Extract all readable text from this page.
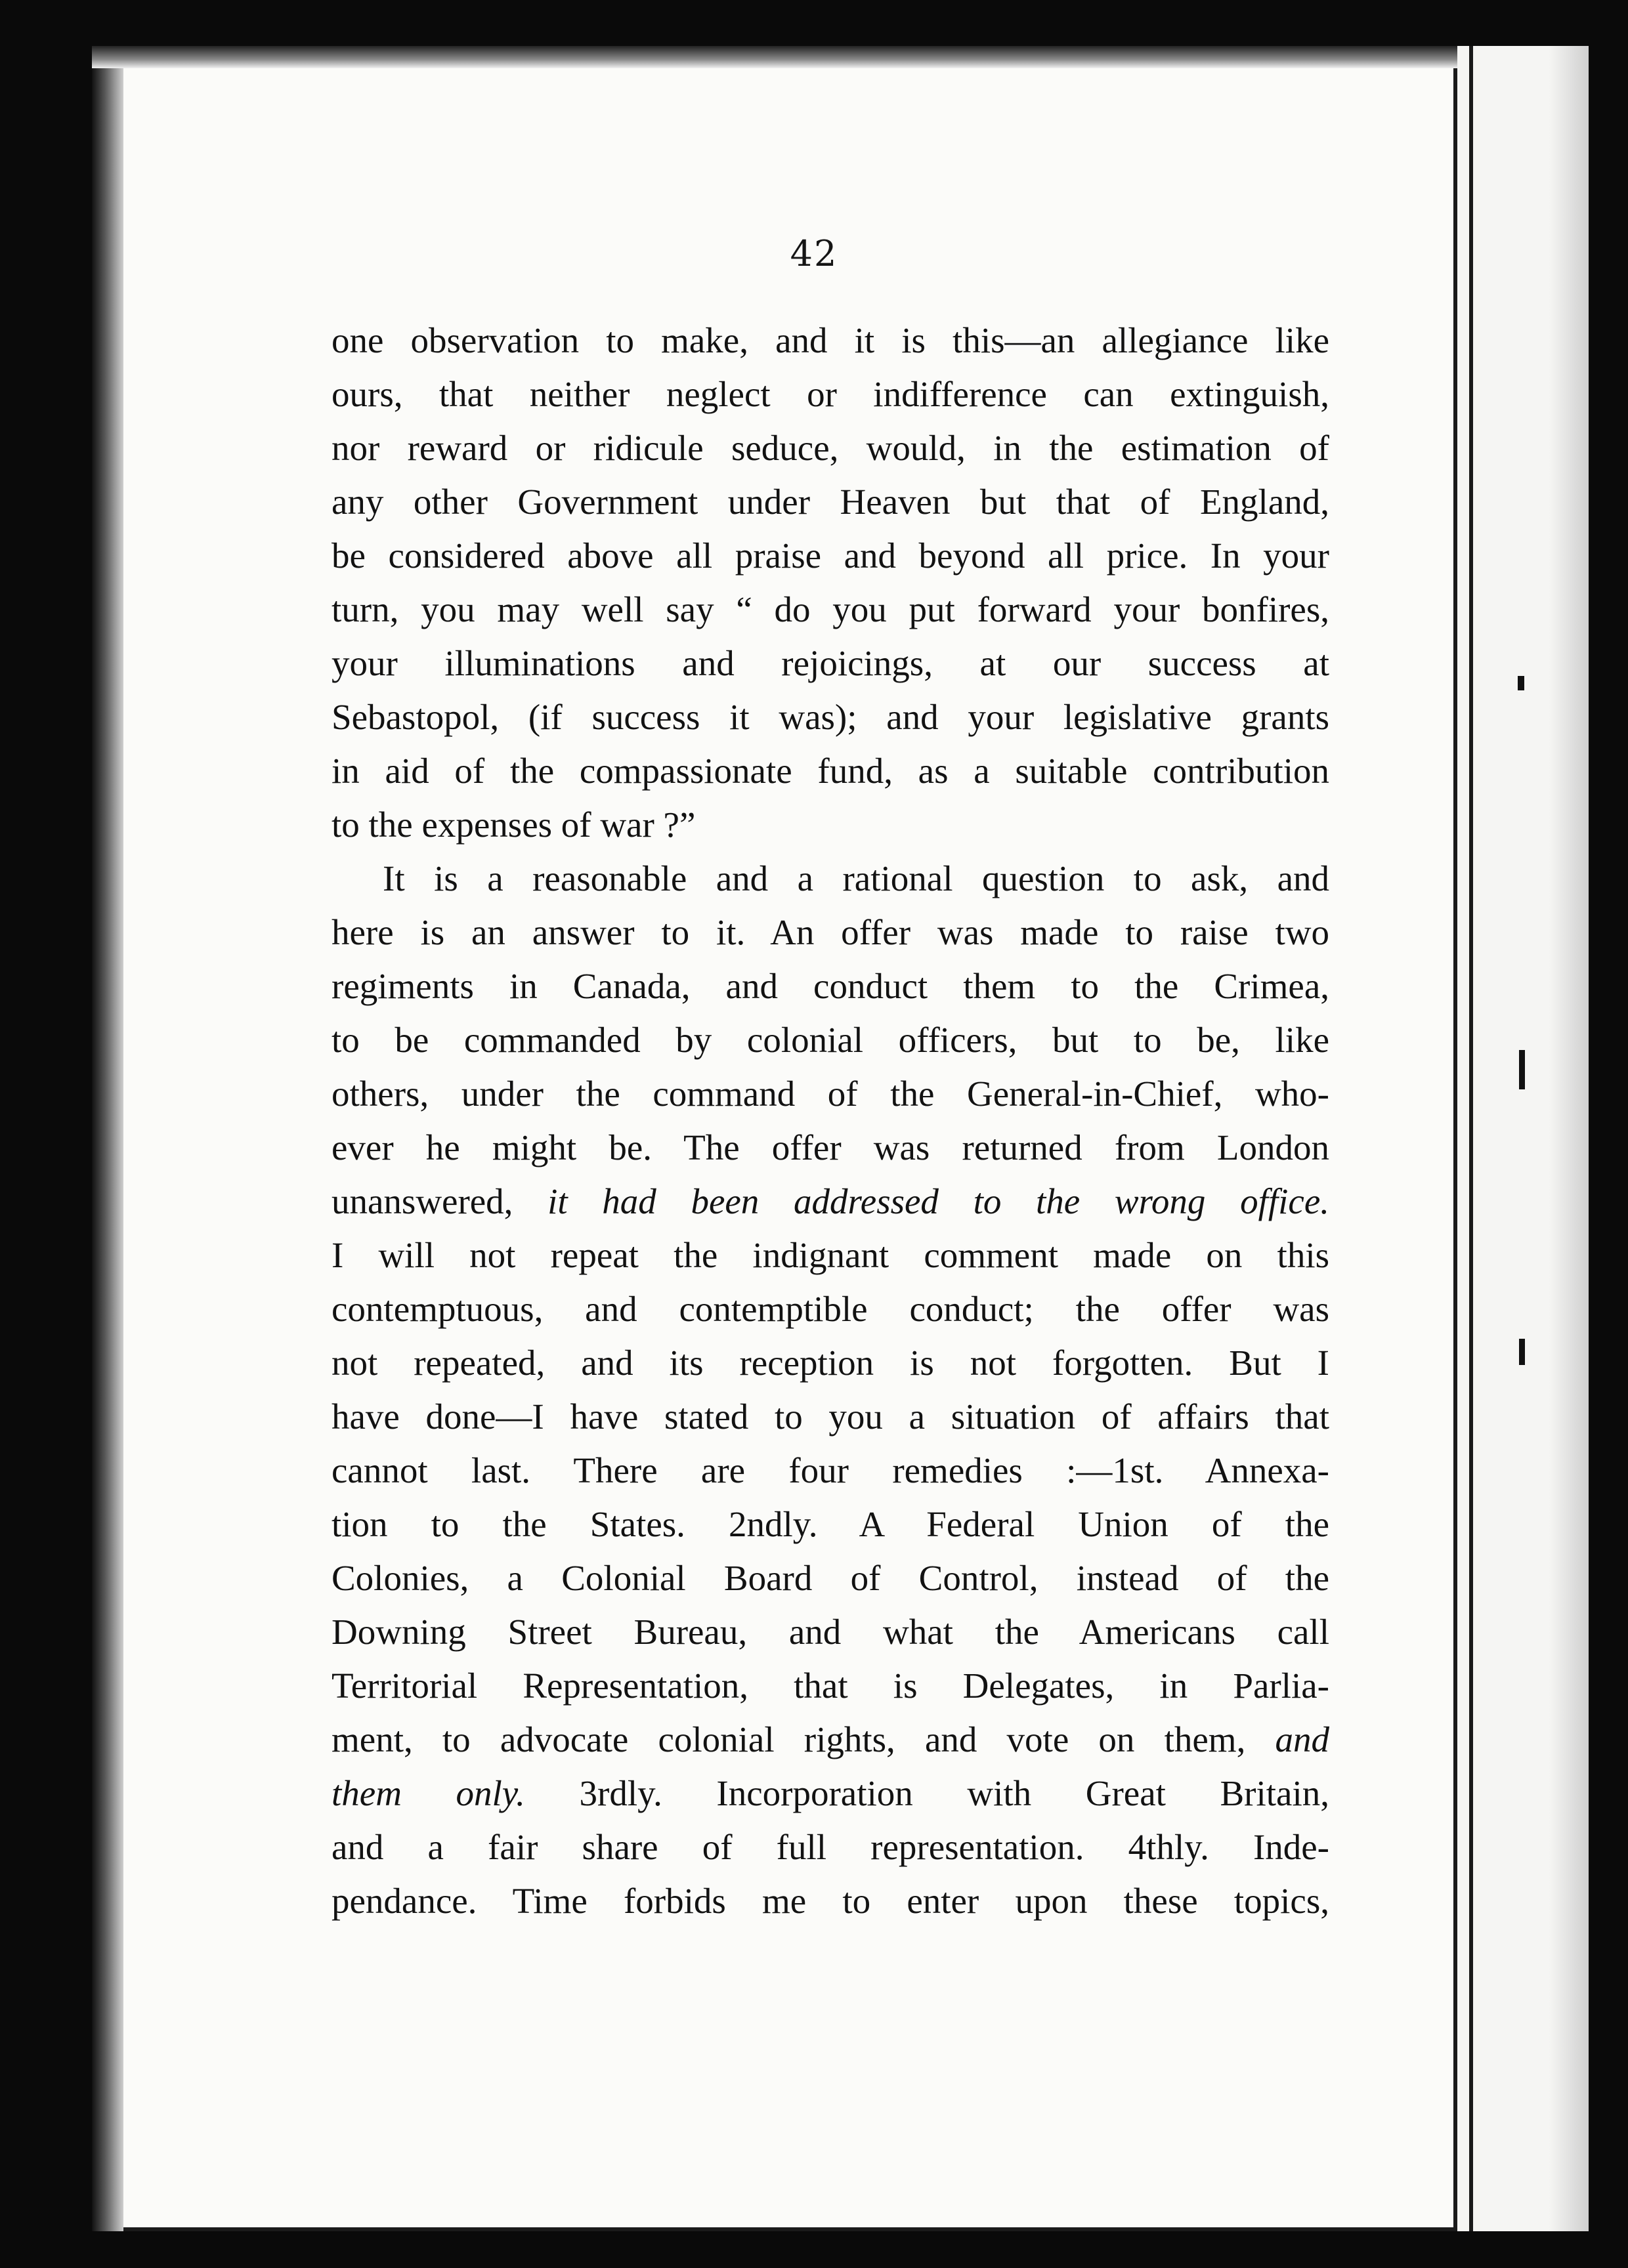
42
one observation to make, and it is this—an allegiance like
ours, that neither neglect or indifference can extinguish,
nor reward or ridicule seduce, would, in the estimation of
any other Government under Heaven but that of England,
be considered above all praise and beyond all price. In your
turn, you may well say “ do you put forward your bonfires,
your illuminations and rejoicings, at our success at
Sebastopol, (if success it was); and your legislative grants
in aid of the compassionate fund, as a suitable contribution
to the expenses of war ?”
It is a reasonable and a rational question to ask, and
here is an answer to it. An offer was made to raise two
regiments in Canada, and conduct them to the Crimea,
to be commanded by colonial officers, but to be, like
others, under the command of the General-in-Chief, who-
ever he might be. The offer was returned from London
unanswered, it had been addressed to the wrong office.
I will not repeat the indignant comment made on this
contemptuous, and contemptible conduct; the offer was
not repeated, and its reception is not forgotten. But I
have done—I have stated to you a situation of affairs that
cannot last. There are four remedies :—1st. Annexa-
tion to the States. 2ndly. A Federal Union of the
Colonies, a Colonial Board of Control, instead of the
Downing Street Bureau, and what the Americans call
Territorial Representation, that is Delegates, in Parlia-
ment, to advocate colonial rights, and vote on them, and
them only. 3rdly. Incorporation with Great Britain,
and a fair share of full representation. 4thly. Inde-
pendance. Time forbids me to enter upon these topics,
